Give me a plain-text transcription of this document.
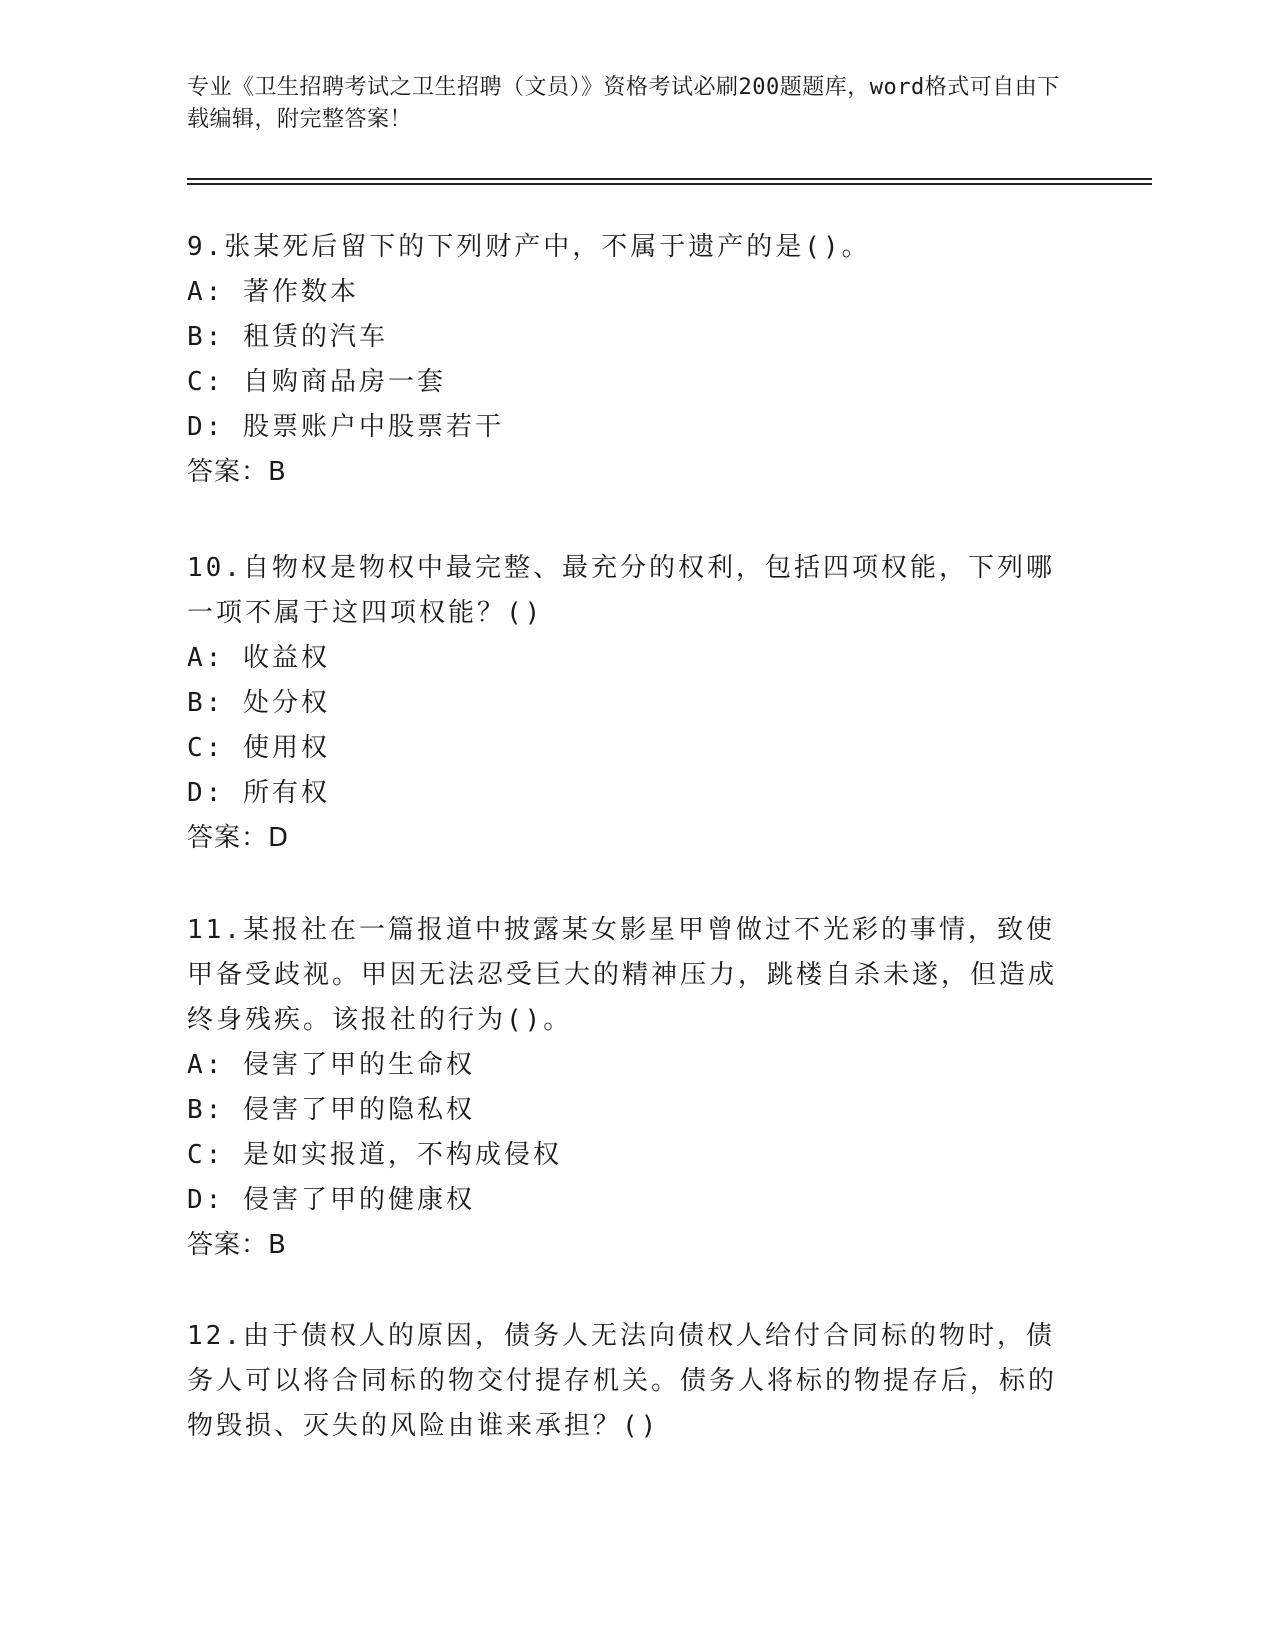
专业《卫生招聘考试之卫生招聘（文员）》资格考试必刷200题题库，word格式可自由下载编辑，附完整答案！

9.张某死后留下的下列财产中，不属于遗产的是()。

A: 著作数本

B: 租赁的汽车

C: 自购商品房一套

D: 股票账户中股票若干

答案：B

10.自物权是物权中最完整、最充分的权利，包括四项权能，下列哪一项不属于这四项权能？()

A: 收益权

B: 处分权

C: 使用权

D: 所有权

答案：D

11.某报社在一篇报道中披露某女影星甲曾做过不光彩的事情，致使甲备受歧视。甲因无法忍受巨大的精神压力，跳楼自杀未遂，但造成终身残疾。该报社的行为()。

A: 侵害了甲的生命权

B: 侵害了甲的隐私权

C: 是如实报道，不构成侵权

D: 侵害了甲的健康权

答案：B

12.由于债权人的原因，债务人无法向债权人给付合同标的物时，债务人可以将合同标的物交付提存机关。债务人将标的物提存后，标的物毁损、灭失的风险由谁来承担？()
